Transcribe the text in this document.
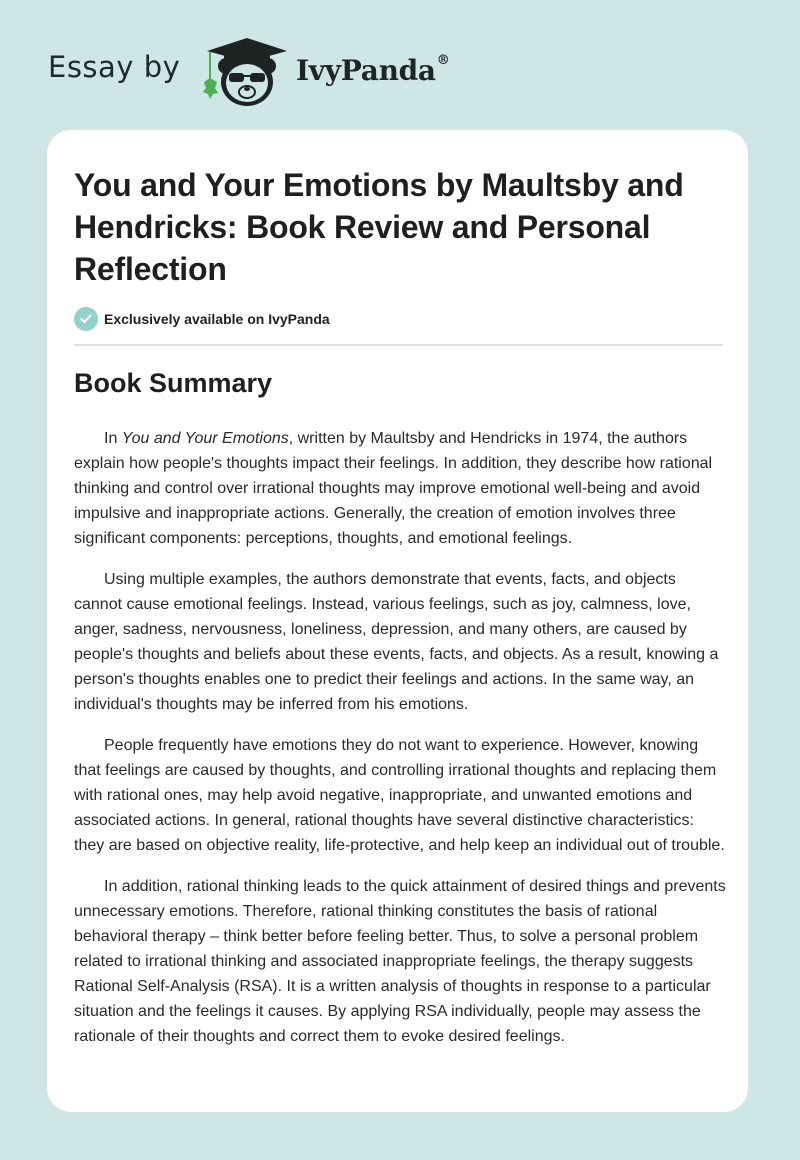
Essay by	IvyPanda®
You and Your Emotions by Maultsby and Hendricks: Book Review and Personal Reflection
Exclusively available on IvyPanda
Book Summary

In You and Your Emotions, written by Maultsby and Hendricks in 1974, the authors explain how people's thoughts impact their feelings. In addition, they describe how rational thinking and control over irrational thoughts may improve emotional well-being and avoid impulsive and inappropriate actions. Generally, the creation of emotion involves three significant components: perceptions, thoughts, and emotional feelings.

Using multiple examples, the authors demonstrate that events, facts, and objects cannot cause emotional feelings. Instead, various feelings, such as joy, calmness, love, anger, sadness, nervousness, loneliness, depression, and many others, are caused by people's thoughts and beliefs about these events, facts, and objects. As a result, knowing a person's thoughts enables one to predict their feelings and actions. In the same way, an individual's thoughts may be inferred from his emotions.

People frequently have emotions they do not want to experience. However, knowing that feelings are caused by thoughts, and controlling irrational thoughts and replacing them with rational ones, may help avoid negative, inappropriate, and unwanted emotions and associated actions. In general, rational thoughts have several distinctive characteristics: they are based on objective reality, life-protective, and help keep an individual out of trouble.

In addition, rational thinking leads to the quick attainment of desired things and prevents unnecessary emotions. Therefore, rational thinking constitutes the basis of rational behavioral therapy – think better before feeling better. Thus, to solve a personal problem related to irrational thinking and associated inappropriate feelings, the therapy suggests Rational Self-Analysis (RSA). It is a written analysis of thoughts in response to a particular situation and the feelings it causes. By applying RSA individually, people may assess the rationale of their thoughts and correct them to evoke desired feelings.
